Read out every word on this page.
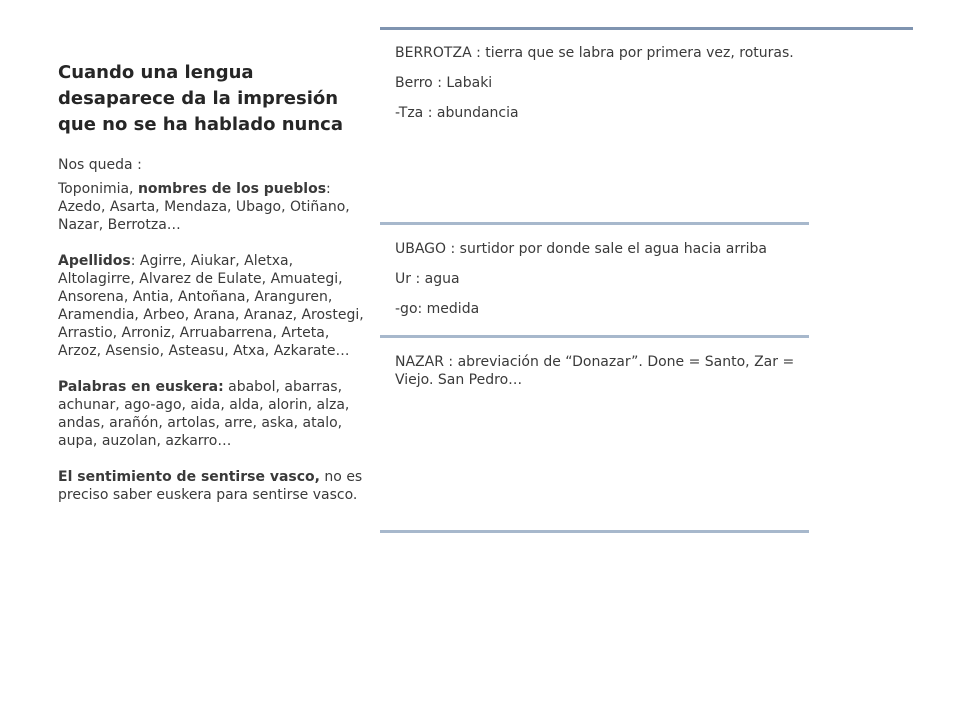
Cuando una lengua desaparece da la impresión que no se ha hablado nunca

Nos queda :

Toponimia, nombres de los pueblos: Azedo, Asarta, Mendaza, Ubago, Otiñano, Nazar, Berrotza…

Apellidos: Agirre, Aiukar, Aletxa, Altolagirre, Alvarez de Eulate, Amuategi, Ansorena, Antia, Antoñana, Aranguren, Aramendia, Arbeo, Arana, Aranaz, Arostegi, Arrastio, Arroniz, Arruabarrena, Arteta, Arzoz, Asensio, Asteasu, Atxa, Azkarate…

Palabras en euskera: ababol, abarras, achunar, ago-ago, aida, alda, alorin, alza, andas, arañón, artolas, arre, aska, atalo, aupa, auzolan, azkarro…

El sentimiento de sentirse vasco, no es preciso saber euskera para sentirse vasco.

BERROTZA : tierra que se labra por primera vez, roturas.

Berro : Labaki

-Tza : abundancia

UBAGO : surtidor por donde sale el agua hacia arriba

Ur : agua

-go: medida

NAZAR : abreviación de “Donazar”. Done = Santo, Zar = Viejo. San Pedro…
